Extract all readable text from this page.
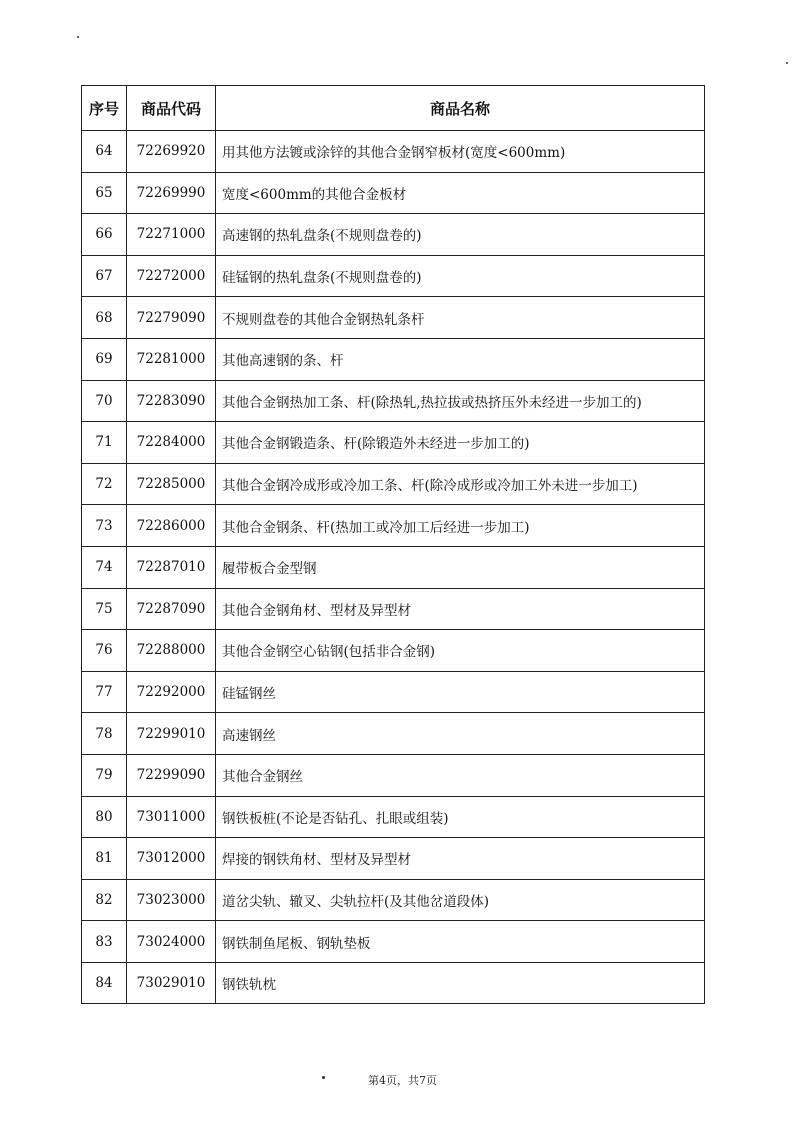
序号	商品代码	商品名称
64	72269920	用其他方法镀或涂锌的其他合金钢窄板材(宽度<600mm)
65	72269990	宽度<600mm的其他合金板材
66	72271000	高速钢的热轧盘条(不规则盘卷的)
67	72272000	硅锰钢的热轧盘条(不规则盘卷的)
68	72279090	不规则盘卷的其他合金钢热轧条杆
69	72281000	其他高速钢的条、杆
70	72283090	其他合金钢热加工条、杆(除热轧,热拉拔或热挤压外未经进一步加工的)
71	72284000	其他合金钢锻造条、杆(除锻造外未经进一步加工的)
72	72285000	其他合金钢冷成形或冷加工条、杆(除冷成形或冷加工外未进一步加工)
73	72286000	其他合金钢条、杆(热加工或冷加工后经进一步加工)
74	72287010	履带板合金型钢
75	72287090	其他合金钢角材、型材及异型材
76	72288000	其他合金钢空心钻钢(包括非合金钢)
77	72292000	硅锰钢丝
78	72299010	高速钢丝
79	72299090	其他合金钢丝
80	73011000	钢铁板桩(不论是否钻孔、扎眼或组装)
81	73012000	焊接的钢铁角材、型材及异型材
82	73023000	道岔尖轨、辙叉、尖轨拉杆(及其他岔道段体)
83	73024000	钢铁制鱼尾板、钢轨垫板
84	73029010	钢铁轨枕
第4页，共7页
